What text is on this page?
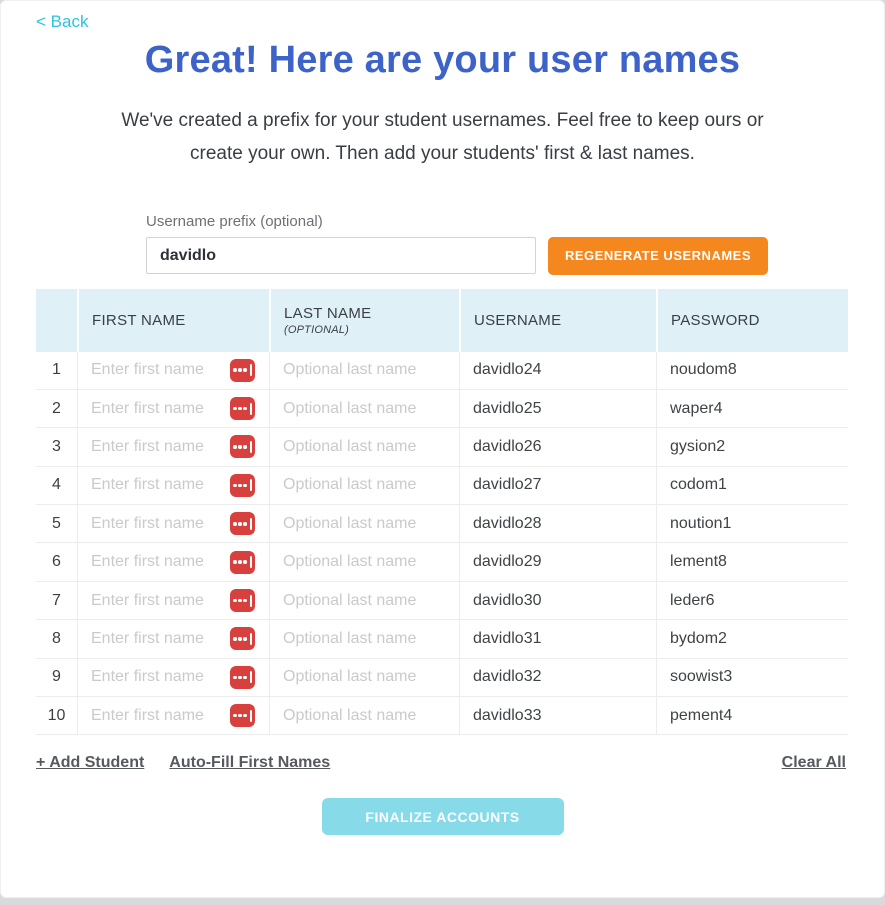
< Back
Great! Here are your user names

We've created a prefix for your student usernames. Feel free to keep ours or create your own. Then add your students' first & last names.

Username prefix (optional)
davidlo
REGENERATE USERNAMES
FIRST NAME	LAST NAME
(OPTIONAL)
USERNAME	PASSWORD
1
Enter first name
Optional last name	davidlo24	noudom8
2
Enter first name
Optional last name	davidlo25	waper4
3
Enter first name
Optional last name	davidlo26	gysion2
4
Enter first name
Optional last name	davidlo27	codom1
5
Enter first name
Optional last name	davidlo28	noution1
6
Enter first name
Optional last name	davidlo29	lement8
7
Enter first name
Optional last name	davidlo30	leder6
8
Enter first name
Optional last name	davidlo31	bydom2
9
Enter first name
Optional last name	davidlo32	soowist3
10
Enter first name
Optional last name	davidlo33	pement4
+ Add Student Auto-Fill First Names	Clear All
FINALIZE ACCOUNTS
